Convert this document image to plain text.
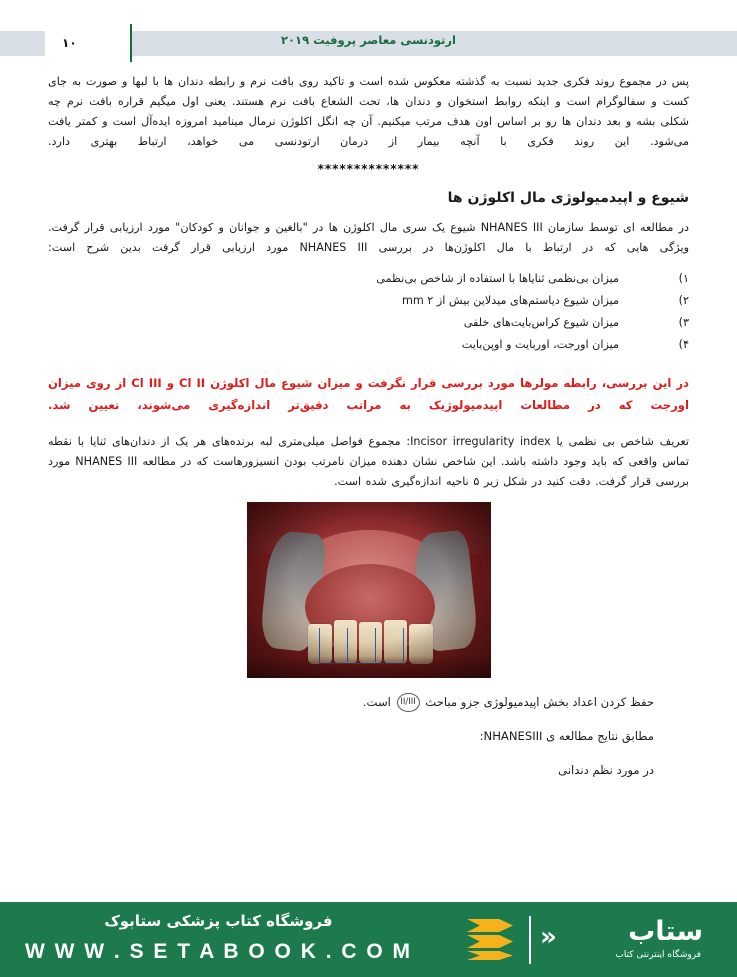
ارتودنسی معاصر پروفیت ۲۰۱۹
۱۰

پس در مجموع روند فکری جدید نسبت به گذشته معکوس شده است و تاکید روی بافت نرم و رابطه دندان ها با لبها و صورت به جای کست و سفالوگرام است و اینکه روابط استخوان و دندان ها، تحت الشعاع بافت نرم هستند. یعنی اول میگیم قراره بافت نرم چه شکلی بشه و بعد دندان ها رو بر اساس اون هدف مرتب میکنیم. آن چه انگل اکلوژن نرمال مینامید امروزه ایده‌آل است و کمتر یافت می‌شود. این روند فکری با آنچه بیمار از درمان ارتودنسی می خواهد، ارتباط بهتری دارد.

**************
شیوع و اپیدمیولوژی مال اکلوژن ها

در مطالعه ای توسط سازمان NHANES III شیوع یک سری مال اکلوژن ها در "بالغین و جوانان و کودکان" مورد ارزیابی قرار گرفت. ویژگی هایی که در ارتباط با مال اکلوژن‌ها در بررسی NHANES III مورد ارزیابی قرار گرفت بدین شرح است:

۱)
میزان بی‌نظمی ثنایاها با استفاده از شاخص بی‌نظمی
۲)
میزان شیوع دیاستم‌های میدلاین بیش از mm ۲
۳)
میزان شیوع کراس‌بایت‌های خلفی
۴)
میزان اورجت، اوربایت و اوپن‌بایت

در این بررسی، رابطه مولرها مورد بررسی قرار نگرفت و میزان شیوع مال اکلوژن Cl II و Cl III از روی میزان اورجت که در مطالعات اپیدمیولوژیک به مراتب دقیق‌تر اندازه‌گیری می‌شوند، تعیین شد.

تعریف شاخص بی نظمی یا Incisor irregularity index: مجموع فواصل میلی‌متری لبه برنده‌های هر یک از دندان‌های ثنایا با نقطه تماس واقعی که باید وجود داشته باشد. این شاخص نشان دهنده میزان نامرتب بودن انسیزورهاست که در مطالعه NHANES III مورد بررسی قرار گرفت. دقت کنید در شکل زیر ۵ ناحیه اندازه‌گیری شده است.

حفظ کردن اعداد بخش اپیدمیولوژی جزو مباحث II/III است.

مطابق نتایج مطالعه ی NHANESIII:

در مورد نظم دندانی

ستاب
«
فروشگاه اینترنتی کتاب
فروشگاه کتاب پزشکی ستابوک
W W W . S E T A B O O K . C O M
